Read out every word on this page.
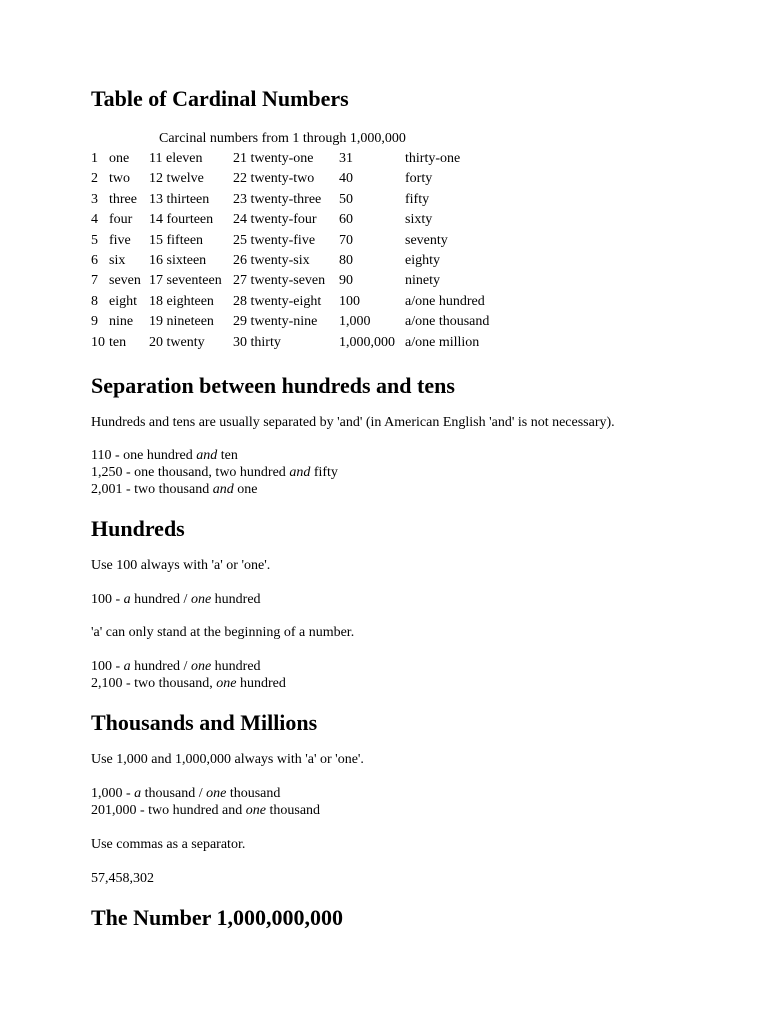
Table of Cardinal Numbers
Carcinal numbers from 1 through 1,000,000
1	one	11 eleven	21 twenty-one	31	thirty-one
2	two	12 twelve	22 twenty-two	40	forty
3	three	13 thirteen	23 twenty-three	50	fifty
4	four	14 fourteen	24 twenty-four	60	sixty
5	five	15 fifteen	25 twenty-five	70	seventy
6	six	16 sixteen	26 twenty-six	80	eighty
7	seven	17 seventeen	27 twenty-seven	90	ninety
8	eight	18 eighteen	28 twenty-eight	100	a/one hundred
9	nine	19 nineteen	29 twenty-nine	1,000	a/one thousand
10	ten	20 twenty	30 thirty	1,000,000	a/one million
Separation between hundreds and tens
Hundreds and tens are usually separated by 'and' (in American English 'and' is not necessary).
110 - one hundred and ten
1,250 - one thousand, two hundred and fifty
2,001 - two thousand and one
Hundreds
Use 100 always with 'a' or 'one'.
100 - a hundred / one hundred
'a' can only stand at the beginning of a number.
100 - a hundred / one hundred
2,100 - two thousand, one hundred
Thousands and Millions
Use 1,000 and 1,000,000 always with 'a' or 'one'.
1,000 - a thousand / one thousand
201,000 - two hundred and one thousand
Use commas as a separator.
57,458,302
The Number 1,000,000,000
